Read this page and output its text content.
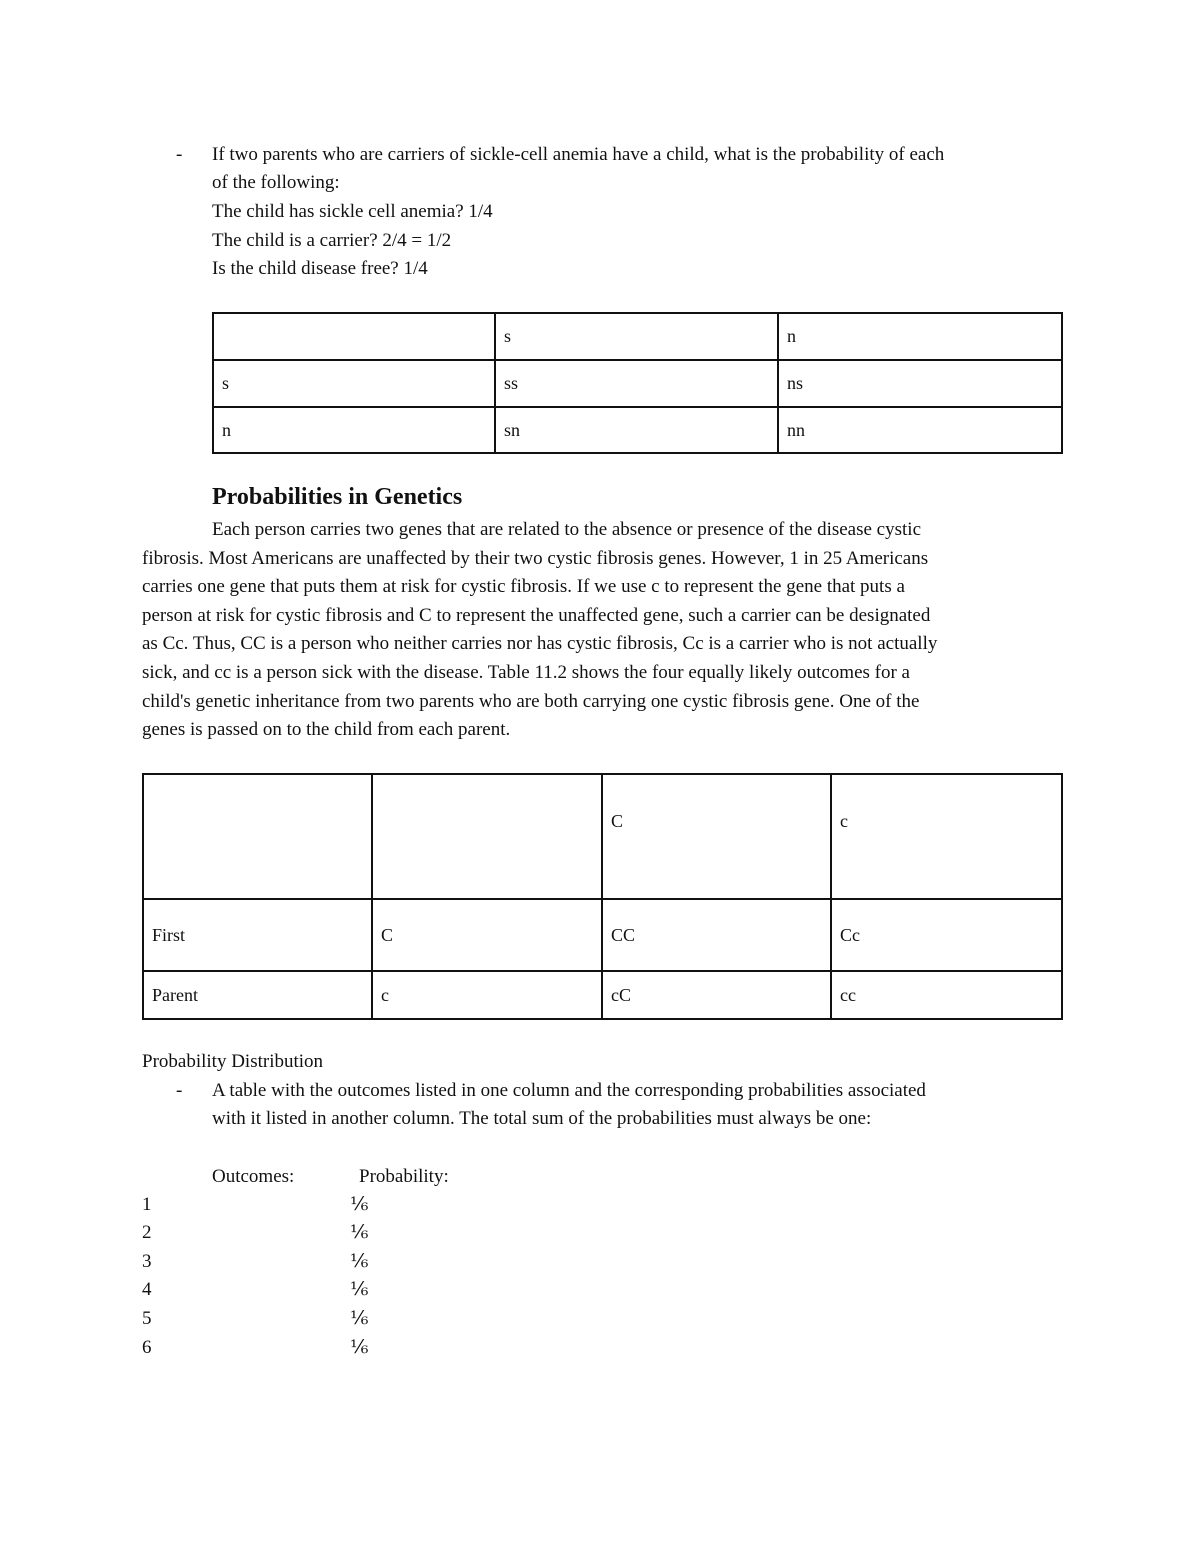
- If two parents who are carriers of sickle-cell anemia have a child, what is the probability of each
of the following:
The child has sickle cell anemia? 1/4
The child is a carrier? 2/4 = 1/2
Is the child disease free? 1/4
	s	n
s	ss	ns
n	sn	nn
Probabilities in Genetics
Each person carries two genes that are related to the absence or presence of the disease cystic
fibrosis. Most Americans are unaffected by their two cystic fibrosis genes. However, 1 in 25 Americans
carries one gene that puts them at risk for cystic fibrosis. If we use c to represent the gene that puts a
person at risk for cystic fibrosis and C to represent the unaffected gene, such a carrier can be designated
as Cc. Thus, CC is a person who neither carries nor has cystic fibrosis, Cc is a carrier who is not actually
sick, and cc is a person sick with the disease. Table 11.2 shows the four equally likely outcomes for a
child's genetic inheritance from two parents who are both carrying one cystic fibrosis gene. One of the
genes is passed on to the child from each parent.
		C	c
First	C	CC	Cc
Parent	c	cC	cc
Probability Distribution
- A table with the outcomes listed in one column and the corresponding probabilities associated
with it listed in another column. The total sum of the probabilities must always be one:
Outcomes:	Probability:
1	⅙
2	⅙
3	⅙
4	⅙
5	⅙
6	⅙
